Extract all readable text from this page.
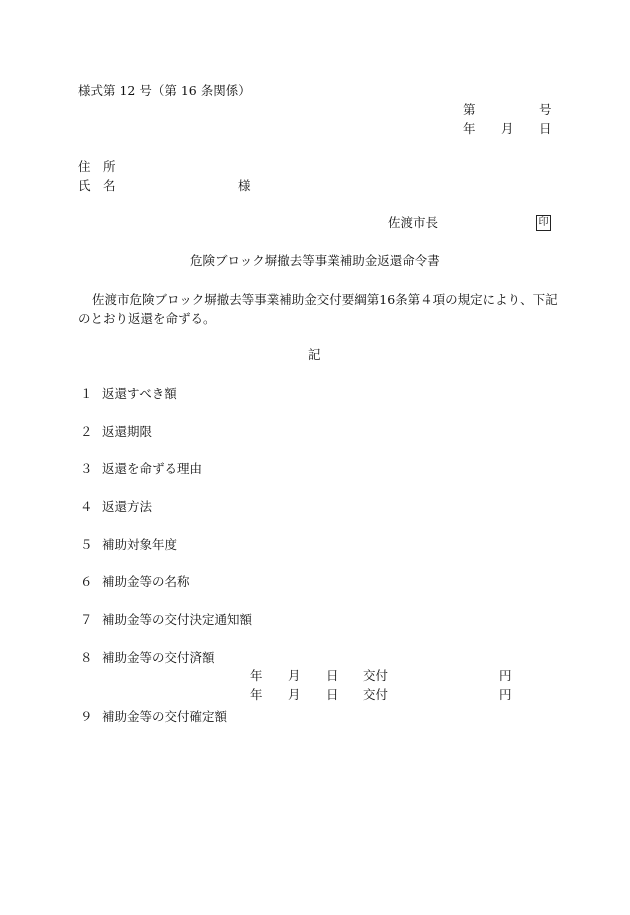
様式第 12 号（第 16 条関係）
第	号
年 月 日
住　所
氏　名	様
佐渡市長	印
危険ブロック塀撤去等事業補助金返還命令書
佐渡市危険ブロック塀撤去等事業補助金交付要綱第16条第４項の規定により、下記
のとおり返還を命ずる。
記
１ 返還すべき額
２ 返還期限
３ 返還を命ずる理由
４ 返還方法
５ 補助対象年度
６ 補助金等の名称
７ 補助金等の交付決定通知額
８ 補助金等の交付済額
年 月 日 交付	円
年 月 日 交付	円
９ 補助金等の交付確定額
